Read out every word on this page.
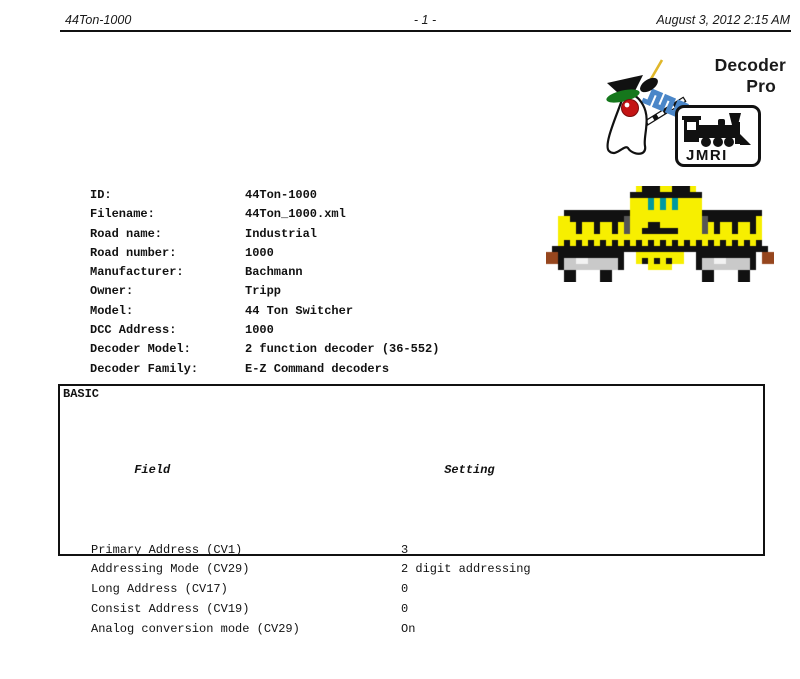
44Ton-1000	- 1 -	August 3, 2012 2:15 AM
Decoder
Pro
JMRI
ID:	44Ton-1000
Filename:	44Ton_1000.xml
Road name:	Industrial
Road number:	1000
Manufacturer:	Bachmann
Owner:	Tripp
Model:	44 Ton Switcher
DCC Address:	1000
Decoder Model:	2 function decoder (36-552)
Decoder Family:	E-Z Command decoders
BASIC

Field	Setting

Primary Address (CV1)	3
Addressing Mode (CV29)	2 digit addressing
Long Address (CV17)	0
Consist Address (CV19)	0
Analog conversion mode (CV29)	On
